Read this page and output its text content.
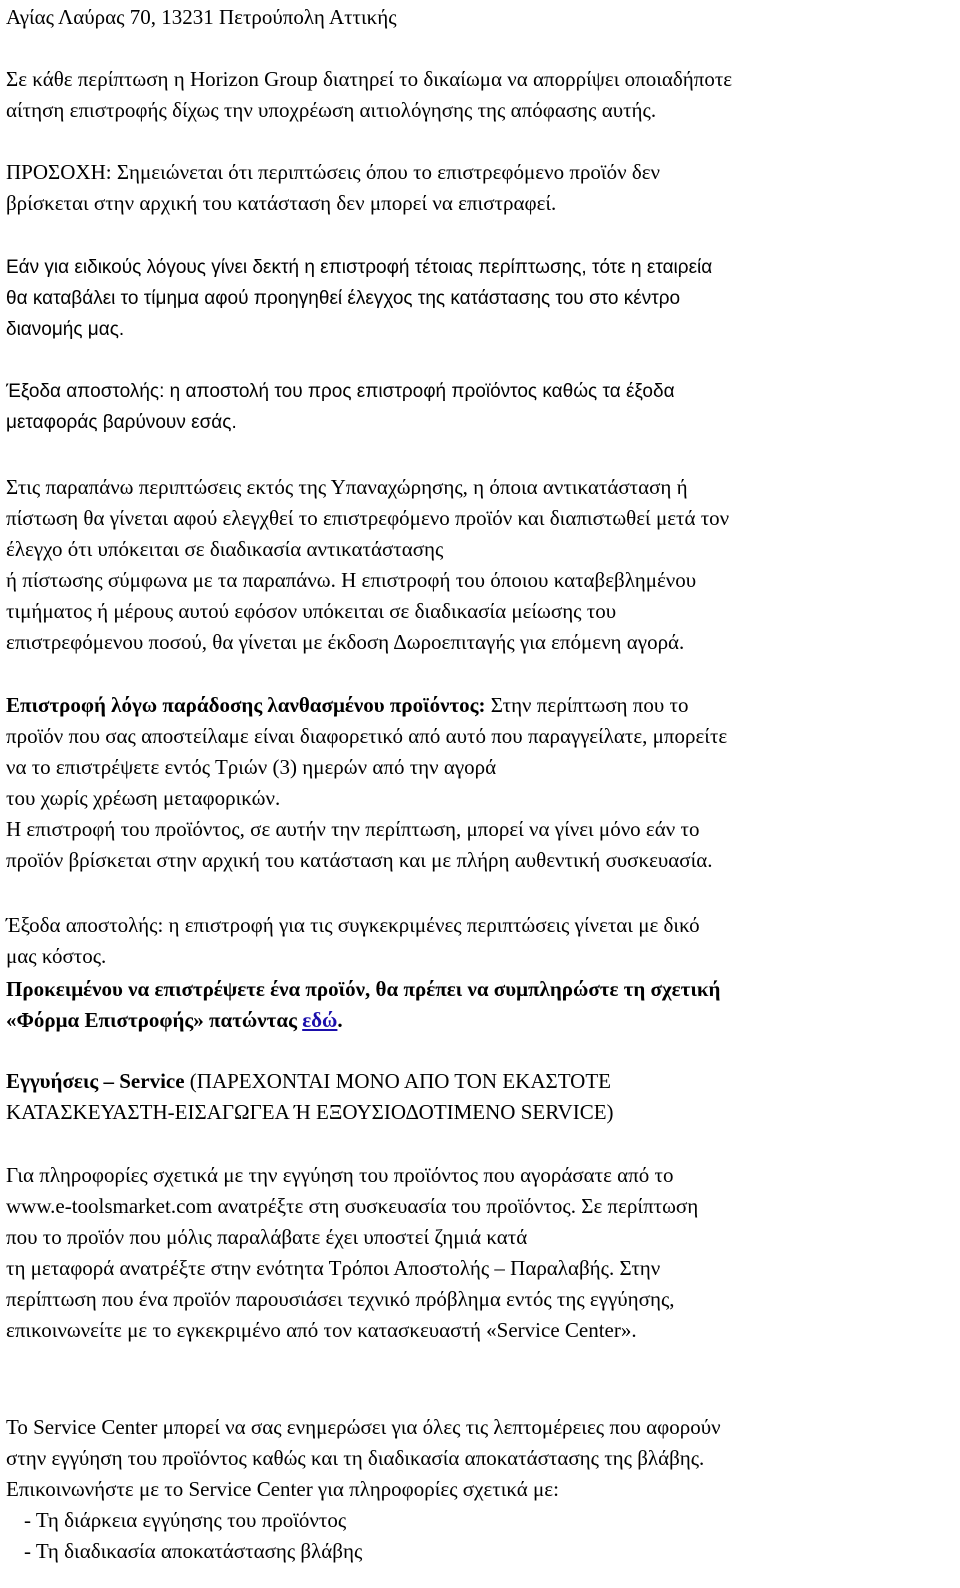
Αγίας Λαύρας 70, 13231 Πετρούπολη Αττικής

Σε κάθε περίπτωση η Horizon Group διατηρεί το δικαίωμα να απορρίψει οποιαδήποτε
αίτηση επιστροφής δίχως την υποχρέωση αιτιολόγησης της απόφασης αυτής.

ΠΡΟΣΟΧΗ: Σημειώνεται ότι περιπτώσεις όπου το επιστρεφόμενο προϊόν δεν
βρίσκεται στην αρχική του κατάσταση δεν μπορεί να επιστραφεί.

Εάν για ειδικούς λόγους γίνει δεκτή η επιστροφή τέτοιας περίπτωσης, τότε η εταιρεία
θα καταβάλει το τίμημα αφού προηγηθεί έλεγχος της κατάστασης του στο κέντρο
διανομής μας.

Έξοδα αποστολής: η αποστολή του προς επιστροφή προϊόντος καθώς τα έξοδα
μεταφοράς βαρύνουν εσάς.

Στις παραπάνω περιπτώσεις εκτός της Υπαναχώρησης, η όποια αντικατάσταση ή
πίστωση θα γίνεται αφού ελεγχθεί το επιστρεφόμενο προϊόν και διαπιστωθεί μετά τον
έλεγχο ότι υπόκειται σε διαδικασία αντικατάστασης
ή πίστωσης σύμφωνα με τα παραπάνω. Η επιστροφή του όποιου καταβεβλημένου
τιμήματος ή μέρους αυτού εφόσον υπόκειται σε διαδικασία μείωσης του
επιστρεφόμενου ποσού, θα γίνεται με έκδοση Δωροεπιταγής για επόμενη αγορά.

Επιστροφή λόγω παράδοσης λανθασμένου προϊόντος: Στην περίπτωση που το
προϊόν που σας αποστείλαμε είναι διαφορετικό από αυτό που παραγγείλατε, μπορείτε
να το επιστρέψετε εντός Τριών (3) ημερών από την αγορά
του χωρίς χρέωση μεταφορικών.
Η επιστροφή του προϊόντος, σε αυτήν την περίπτωση, μπορεί να γίνει μόνο εάν το
προϊόν βρίσκεται στην αρχική του κατάσταση και με πλήρη αυθεντική συσκευασία.

Έξοδα αποστολής: η επιστροφή για τις συγκεκριμένες περιπτώσεις γίνεται με δικό
μας κόστος.

Προκειμένου να επιστρέψετε ένα προϊόν, θα πρέπει να συμπληρώστε τη σχετική
«Φόρμα Επιστροφής» πατώντας εδώ.

Εγγυήσεις – Service (ΠΑΡΕΧΟΝΤΑΙ ΜΟΝΟ ΑΠΟ ΤΟΝ ΕΚΑΣΤΟΤΕ
ΚΑΤΑΣΚΕΥΑΣΤΗ-ΕΙΣΑΓΩΓΕΑ Ή ΕΞΟΥΣΙΟΔΟΤΙΜΕΝΟ SERVICE)

Για πληροφορίες σχετικά με την εγγύηση του προϊόντος που αγοράσατε από το
www.e-toolsmarket.com ανατρέξτε στη συσκευασία του προϊόντος. Σε περίπτωση
που το προϊόν που μόλις παραλάβατε έχει υποστεί ζημιά κατά
τη μεταφορά ανατρέξτε στην ενότητα Τρόποι Αποστολής – Παραλαβής. Στην
περίπτωση που ένα προϊόν παρουσιάσει τεχνικό πρόβλημα εντός της εγγύησης,
επικοινωνείτε με το εγκεκριμένο από τον κατασκευαστή «Service Center».

Το Service Center μπορεί να σας ενημερώσει για όλες τις λεπτομέρειες που αφορούν
στην εγγύηση του προϊόντος καθώς και τη διαδικασία αποκατάστασης της βλάβης.
Επικοινωνήστε με το Service Center για πληροφορίες σχετικά με:

- Τη διάρκεια εγγύησης του προϊόντος
- Τη διαδικασία αποκατάστασης βλάβης
